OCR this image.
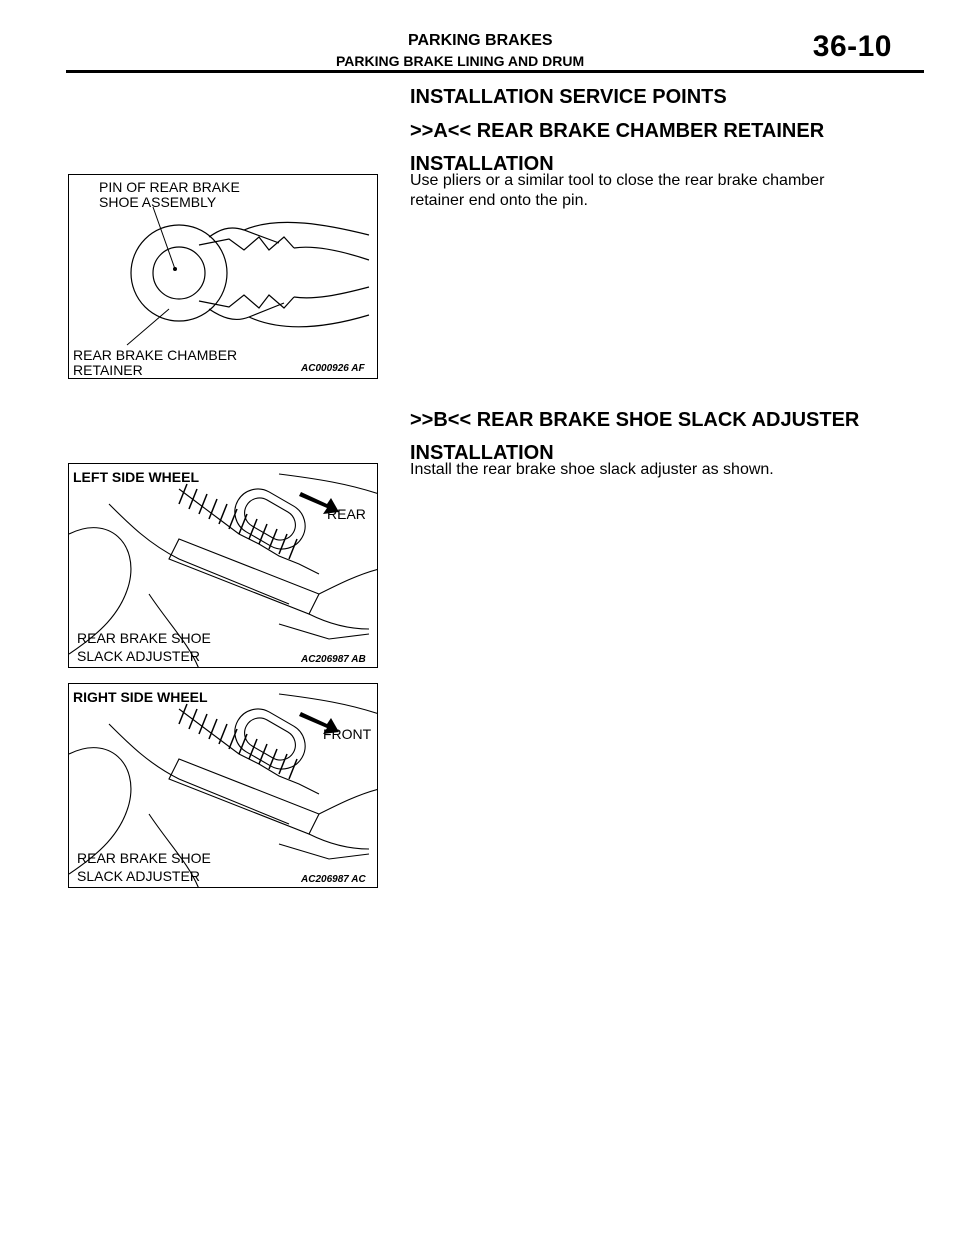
PARKING BRAKES
PARKING BRAKE LINING AND DRUM	36-10
INSTALLATION SERVICE POINTS
>>A<< REAR BRAKE CHAMBER RETAINER
INSTALLATION
Use pliers or a similar tool to close the rear brake chamber retainer end onto the pin.
>>B<< REAR BRAKE SHOE SLACK ADJUSTER
INSTALLATION
Install the rear brake shoe slack adjuster as shown.
PIN OF REAR BRAKE
SHOE ASSEMBLY
REAR BRAKE CHAMBER
RETAINER	AC000926 AF
LEFT SIDE WHEEL
REAR
REAR BRAKE SHOE
SLACK ADJUSTER	AC206987 AB
RIGHT SIDE WHEEL
FRONT
REAR BRAKE SHOE
SLACK ADJUSTER	AC206987 AC
